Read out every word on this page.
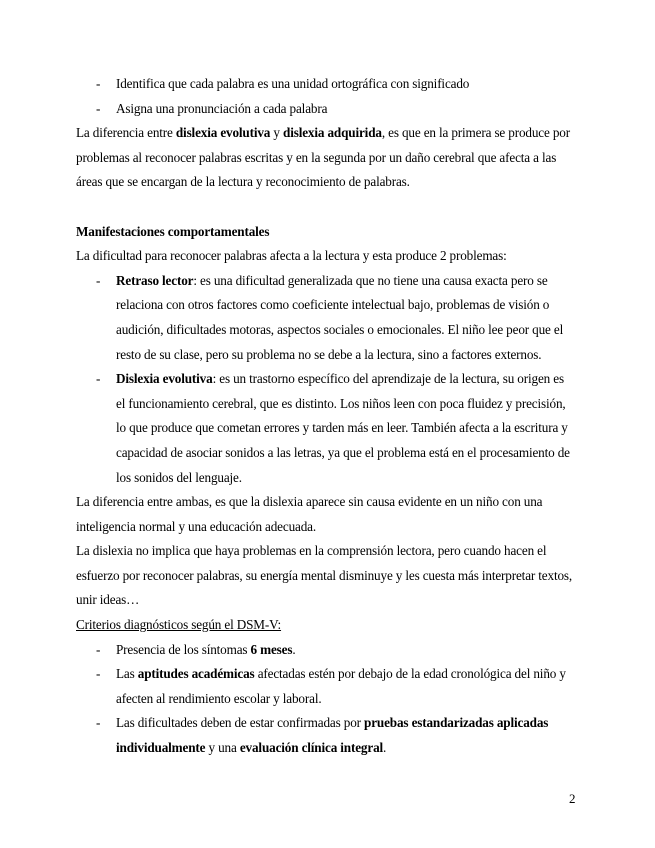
- Identifica que cada palabra es una unidad ortográfica con significado
- Asigna una pronunciación a cada palabra

La diferencia entre dislexia evolutiva y dislexia adquirida, es que en la primera se produce por problemas al reconocer palabras escritas y en la segunda por un daño cerebral que afecta a las áreas que se encargan de la lectura y reconocimiento de palabras.

Manifestaciones comportamentales

La dificultad para reconocer palabras afecta a la lectura y esta produce 2 problemas:

- Retraso lector: es una dificultad generalizada que no tiene una causa exacta pero se relaciona con otros factores como coeficiente intelectual bajo, problemas de visión o audición, dificultades motoras, aspectos sociales o emocionales. El niño lee peor que el resto de su clase, pero su problema no se debe a la lectura, sino a factores externos.
- Dislexia evolutiva: es un trastorno específico del aprendizaje de la lectura, su origen es el funcionamiento cerebral, que es distinto. Los niños leen con poca fluidez y precisión, lo que produce que cometan errores y tarden más en leer. También afecta a la escritura y capacidad de asociar sonidos a las letras, ya que el problema está en el procesamiento de los sonidos del lenguaje.

La diferencia entre ambas, es que la dislexia aparece sin causa evidente en un niño con una inteligencia normal y una educación adecuada.

La dislexia no implica que haya problemas en la comprensión lectora, pero cuando hacen el esfuerzo por reconocer palabras, su energía mental disminuye y les cuesta más interpretar textos, unir ideas…

Criterios diagnósticos según el DSM-V:

- Presencia de los síntomas 6 meses.
- Las aptitudes académicas afectadas estén por debajo de la edad cronológica del niño y afecten al rendimiento escolar y laboral.
- Las dificultades deben de estar confirmadas por pruebas estandarizadas aplicadas individualmente y una evaluación clínica integral.
2
